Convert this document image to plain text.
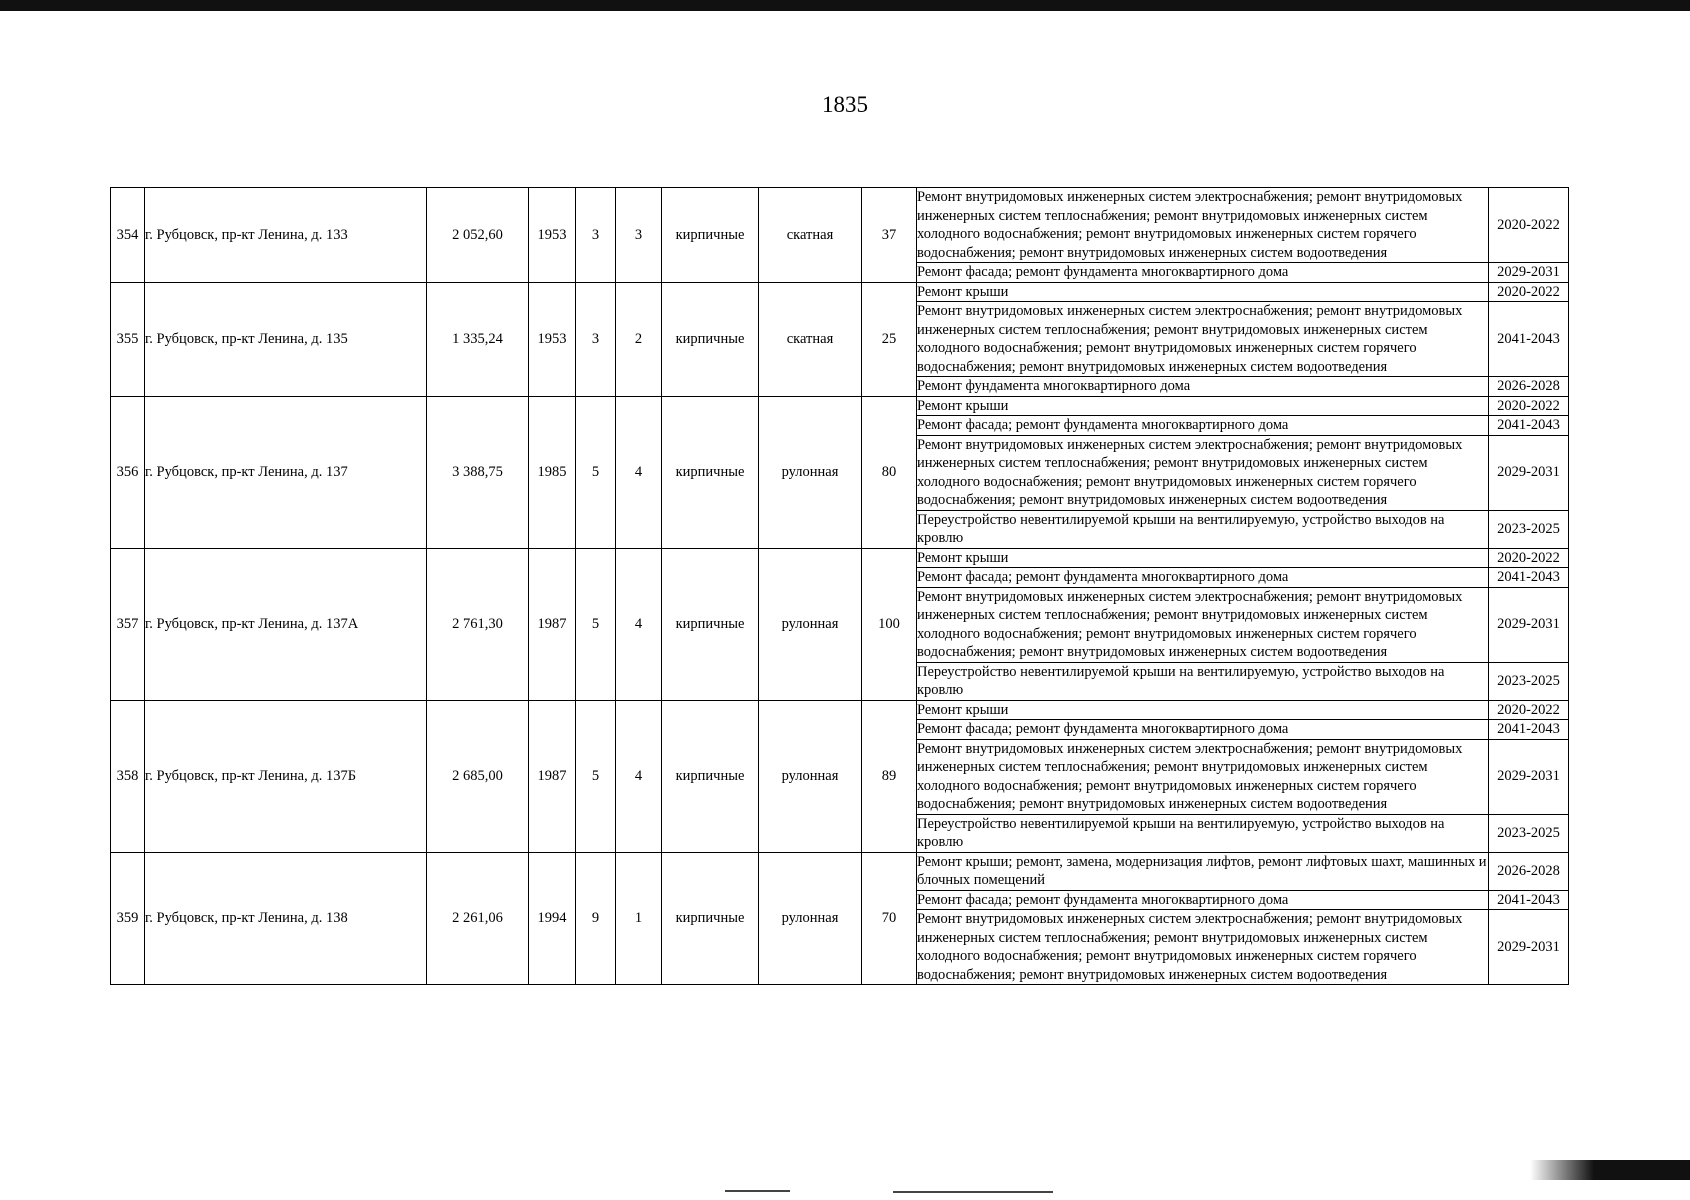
1835
354	г. Рубцовск, пр-кт Ленина, д. 133	2 052,60	1953	3	3	кирпичные	скатная	37	Ремонт внутридомовых инженерных систем электроснабжения; ремонт внутридомовых инженерных систем теплоснабжения; ремонт внутридомовых инженерных систем холодного водоснабжения; ремонт внутридомовых инженерных систем горячего водоснабжения; ремонт внутридомовых инженерных систем водоотведения	2020-2022
									Ремонт фасада; ремонт фундамента многоквартирного дома	2029-2031
355	г. Рубцовск, пр-кт Ленина, д. 135	1 335,24	1953	3	2	кирпичные	скатная	25	Ремонт крыши	2020-2022
									Ремонт внутридомовых инженерных систем электроснабжения; ремонт внутридомовых инженерных систем теплоснабжения; ремонт внутридомовых инженерных систем холодного водоснабжения; ремонт внутридомовых инженерных систем горячего водоснабжения; ремонт внутридомовых инженерных систем водоотведения	2041-2043
									Ремонт фундамента многоквартирного дома	2026-2028
356	г. Рубцовск, пр-кт Ленина, д. 137	3 388,75	1985	5	4	кирпичные	рулонная	80	Ремонт крыши	2020-2022
									Ремонт фасада; ремонт фундамента многоквартирного дома	2041-2043
									Ремонт внутридомовых инженерных систем электроснабжения; ремонт внутридомовых инженерных систем теплоснабжения; ремонт внутридомовых инженерных систем холодного водоснабжения; ремонт внутридомовых инженерных систем горячего водоснабжения; ремонт внутридомовых инженерных систем водоотведения	2029-2031
									Переустройство невентилируемой крыши на вентилируемую, устройство выходов на кровлю	2023-2025
357	г. Рубцовск, пр-кт Ленина, д. 137А	2 761,30	1987	5	4	кирпичные	рулонная	100	Ремонт крыши	2020-2022
									Ремонт фасада; ремонт фундамента многоквартирного дома	2041-2043
									Ремонт внутридомовых инженерных систем электроснабжения; ремонт внутридомовых инженерных систем теплоснабжения; ремонт внутридомовых инженерных систем холодного водоснабжения; ремонт внутридомовых инженерных систем горячего водоснабжения; ремонт внутридомовых инженерных систем водоотведения	2029-2031
									Переустройство невентилируемой крыши на вентилируемую, устройство выходов на кровлю	2023-2025
358	г. Рубцовск, пр-кт Ленина, д. 137Б	2 685,00	1987	5	4	кирпичные	рулонная	89	Ремонт крыши	2020-2022
									Ремонт фасада; ремонт фундамента многоквартирного дома	2041-2043
									Ремонт внутридомовых инженерных систем электроснабжения; ремонт внутридомовых инженерных систем теплоснабжения; ремонт внутридомовых инженерных систем холодного водоснабжения; ремонт внутридомовых инженерных систем горячего водоснабжения; ремонт внутридомовых инженерных систем водоотведения	2029-2031
									Переустройство невентилируемой крыши на вентилируемую, устройство выходов на кровлю	2023-2025
359	г. Рубцовск, пр-кт Ленина, д. 138	2 261,06	1994	9	1	кирпичные	рулонная	70	Ремонт крыши; ремонт, замена, модернизация лифтов, ремонт лифтовых шахт, машинных и блочных помещений	2026-2028
									Ремонт фасада; ремонт фундамента многоквартирного дома	2041-2043
									Ремонт внутридомовых инженерных систем электроснабжения; ремонт внутридомовых инженерных систем теплоснабжения; ремонт внутридомовых инженерных систем холодного водоснабжения; ремонт внутридомовых инженерных систем горячего водоснабжения; ремонт внутридомовых инженерных систем водоотведения	2029-2031
